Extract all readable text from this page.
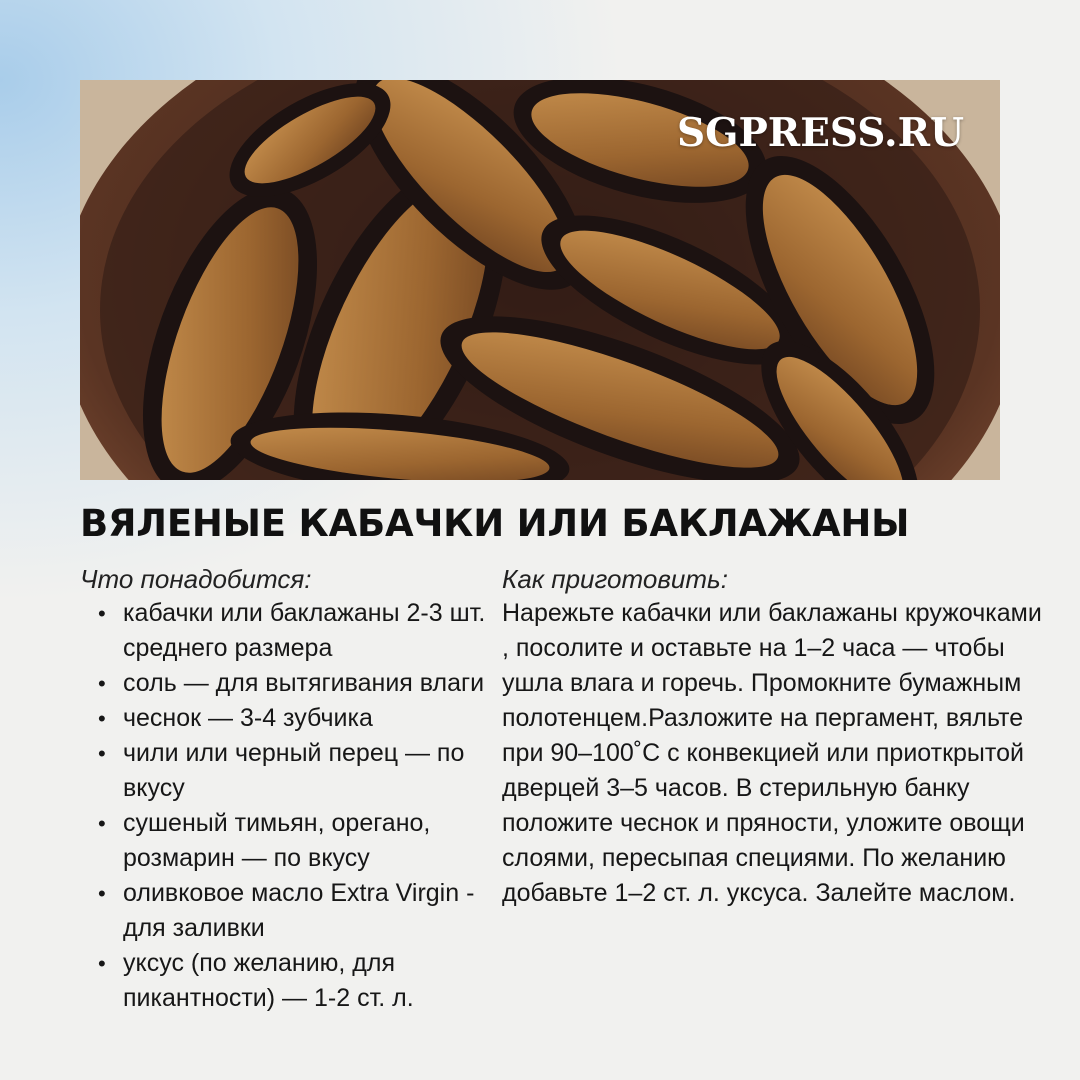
SGPRESS.RU
ВЯЛЕНЫЕ КАБАЧКИ ИЛИ БАКЛАЖАНЫ

Что понадобится:

• кабачки или баклажаны 2-3 шт. среднего размера
• соль — для вытягивания влаги
• чеснок — 3-4 зубчика
• чили или черный перец — по вкусу
• сушеный тимьян, орегано, розмарин — по вкусу
• оливковое масло Extra Virgin - для заливки
• уксус (по желанию, для пикантности) — 1-2 ст. л.

Как приготовить:

Нарежьте кабачки или баклажаны кружочками , посолите и оставьте на 1–2 часа — чтобы ушла влага и горечь. Промокните бумажным полотенцем.Разложите на пергамент, вяльте при 90–100˚С с конвекцией или приоткрытой дверцей 3–5 часов. В стерильную банку положите чеснок и пряности, уложите овощи слоями, пересыпая специями. По желанию добавьте 1–2 ст. л. уксуса. Залейте маслом.
